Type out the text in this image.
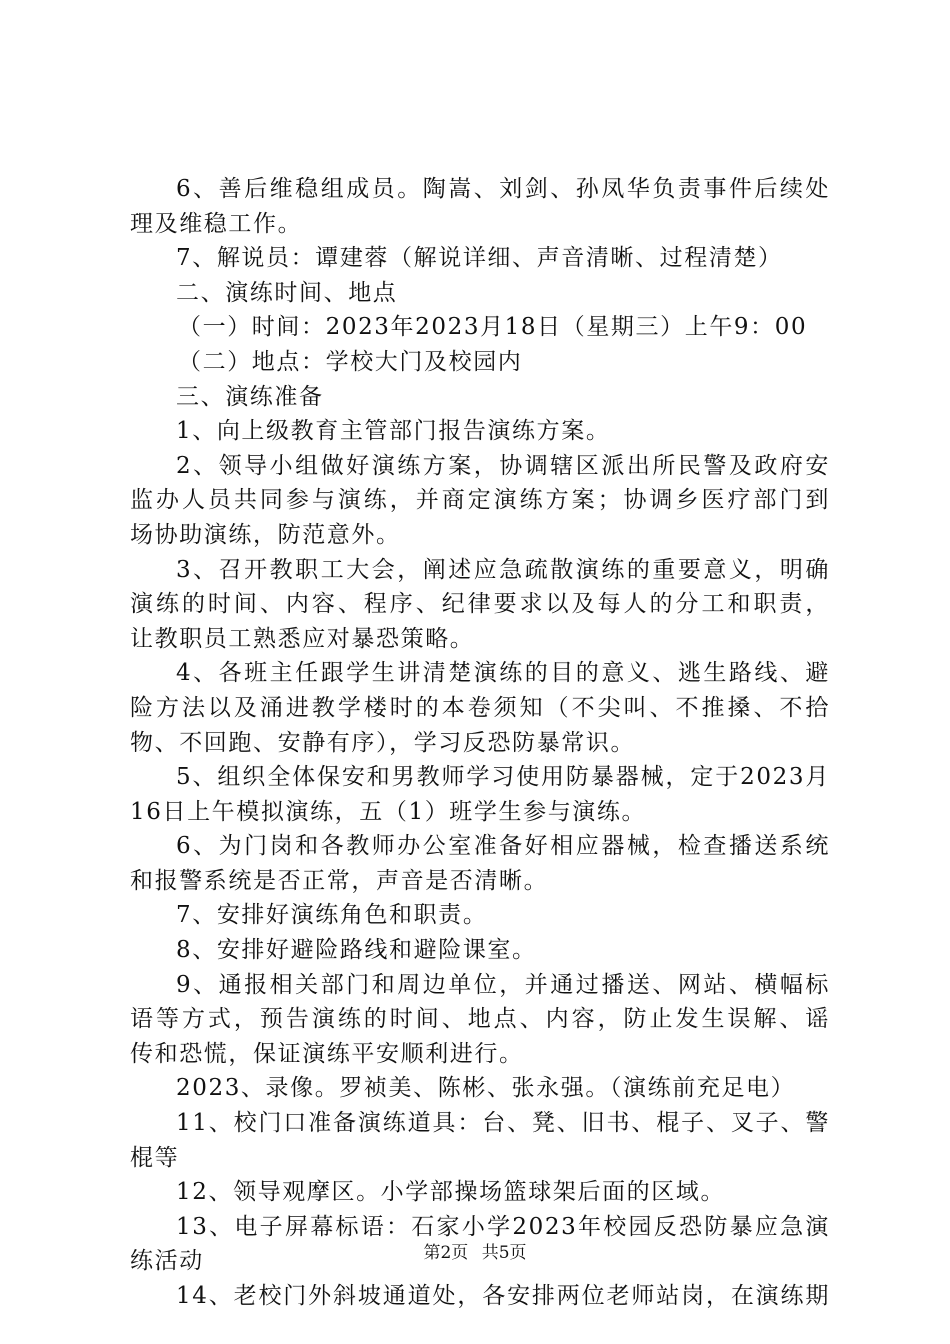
6、善后维稳组成员。陶嵩、刘剑、孙凤华负责事件后续处
理及维稳工作。
7、解说员：谭建蓉（解说详细、声音清晰、过程清楚）
二、演练时间、地点
（一）时间：2023年2023月18日（星期三）上午9：00
（二）地点：学校大门及校园内
三、演练准备
1、向上级教育主管部门报告演练方案。
2、领导小组做好演练方案，协调辖区派出所民警及政府安
监办人员共同参与演练，并商定演练方案；协调乡医疗部门到
场协助演练，防范意外。
3、召开教职工大会，阐述应急疏散演练的重要意义，明确
演练的时间、内容、程序、纪律要求以及每人的分工和职责，
让教职员工熟悉应对暴恐策略。
4、各班主任跟学生讲清楚演练的目的意义、逃生路线、避
险方法以及涌进教学楼时的本卷须知（不尖叫、不推搡、不拾
物、不回跑、安静有序），学习反恐防暴常识。
5、组织全体保安和男教师学习使用防暴器械，定于2023月
16日上午模拟演练，五（1）班学生参与演练。
6、为门岗和各教师办公室准备好相应器械，检查播送系统
和报警系统是否正常，声音是否清晰。
7、安排好演练角色和职责。
8、安排好避险路线和避险课室。
9、通报相关部门和周边单位，并通过播送、网站、横幅标
语等方式，预告演练的时间、地点、内容，防止发生误解、谣
传和恐慌，保证演练平安顺利进行。
2023、录像。罗祯美、陈彬、张永强。（演练前充足电）
11、校门口准备演练道具：台、凳、旧书、棍子、叉子、警
棍等
12、领导观摩区。小学部操场篮球架后面的区域。
13、电子屏幕标语：石家小学2023年校园反恐防暴应急演
练活动
14、老校门外斜坡通道处，各安排两位老师站岗，在演练期
第2页 共5页
